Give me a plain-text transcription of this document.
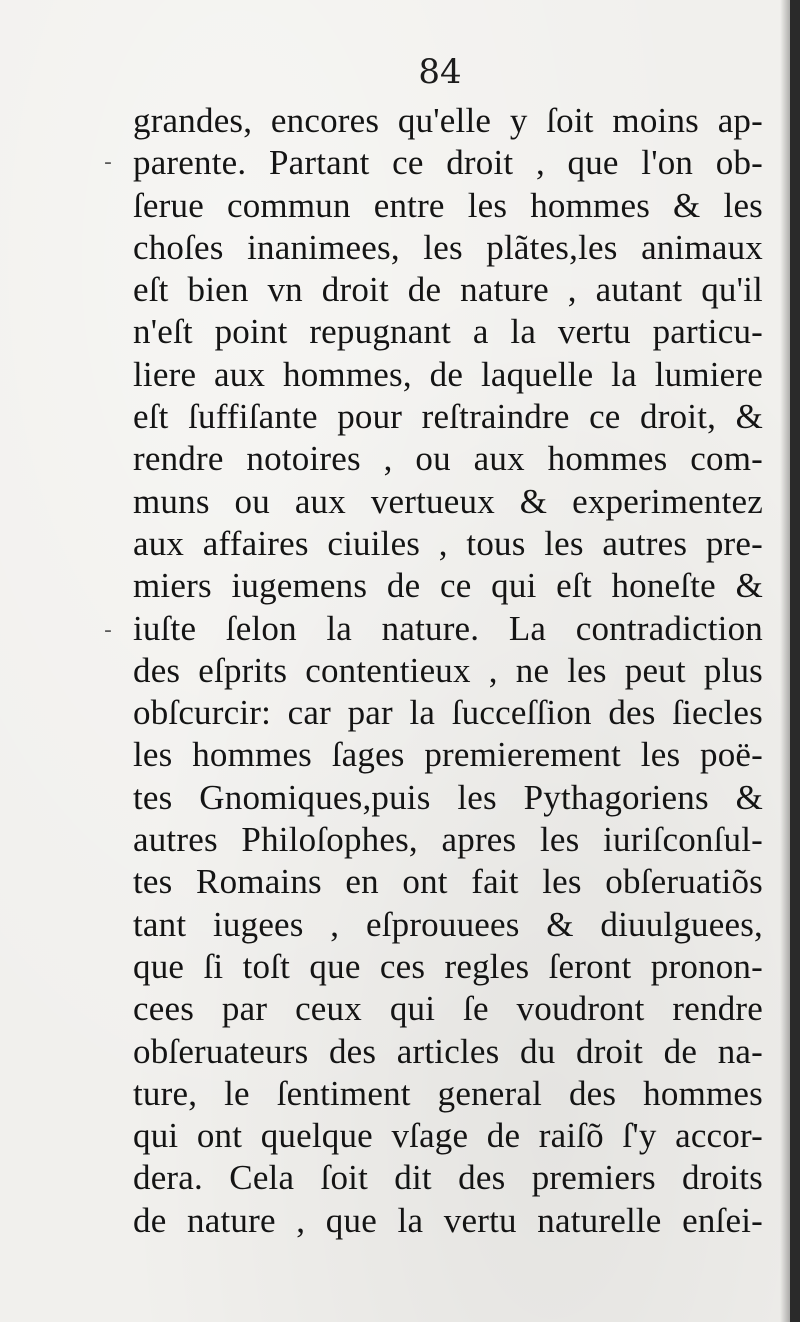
84
-
-
grandes, encores qu'elle y ſoit moins ap-
parente. Partant ce droit , que l'on ob-
ſerue commun entre les hommes & les
choſes inanimees, les plãtes,les animaux
eſt bien vn droit de nature , autant qu'il
n'eſt point repugnant a la vertu particu-
liere aux hommes, de laquelle la lumiere
eſt ſuffiſante pour reſtraindre ce droit, &
rendre notoires , ou aux hommes com-
muns ou aux vertueux & experimentez
aux affaires ciuiles , tous les autres pre-
miers iugemens de ce qui eſt honeſte &
iuſte ſelon la nature. La contradiction
des eſprits contentieux , ne les peut plus
obſcurcir: car par la ſucceſſion des ſiecles
les hommes ſages premierement les poë-
tes Gnomiques,puis les Pythagoriens &
autres Philoſophes, apres les iuriſconſul-
tes Romains en ont fait les obſeruatiõs
tant iugees , eſprouuees & diuulguees,
que ſi toſt que ces regles ſeront pronon-
cees par ceux qui ſe voudront rendre
obſeruateurs des articles du droit de na-
ture, le ſentiment general des hommes
qui ont quelque vſage de raiſõ ſ'y accor-
dera. Cela ſoit dit des premiers droits
de nature , que la vertu naturelle enſei-
